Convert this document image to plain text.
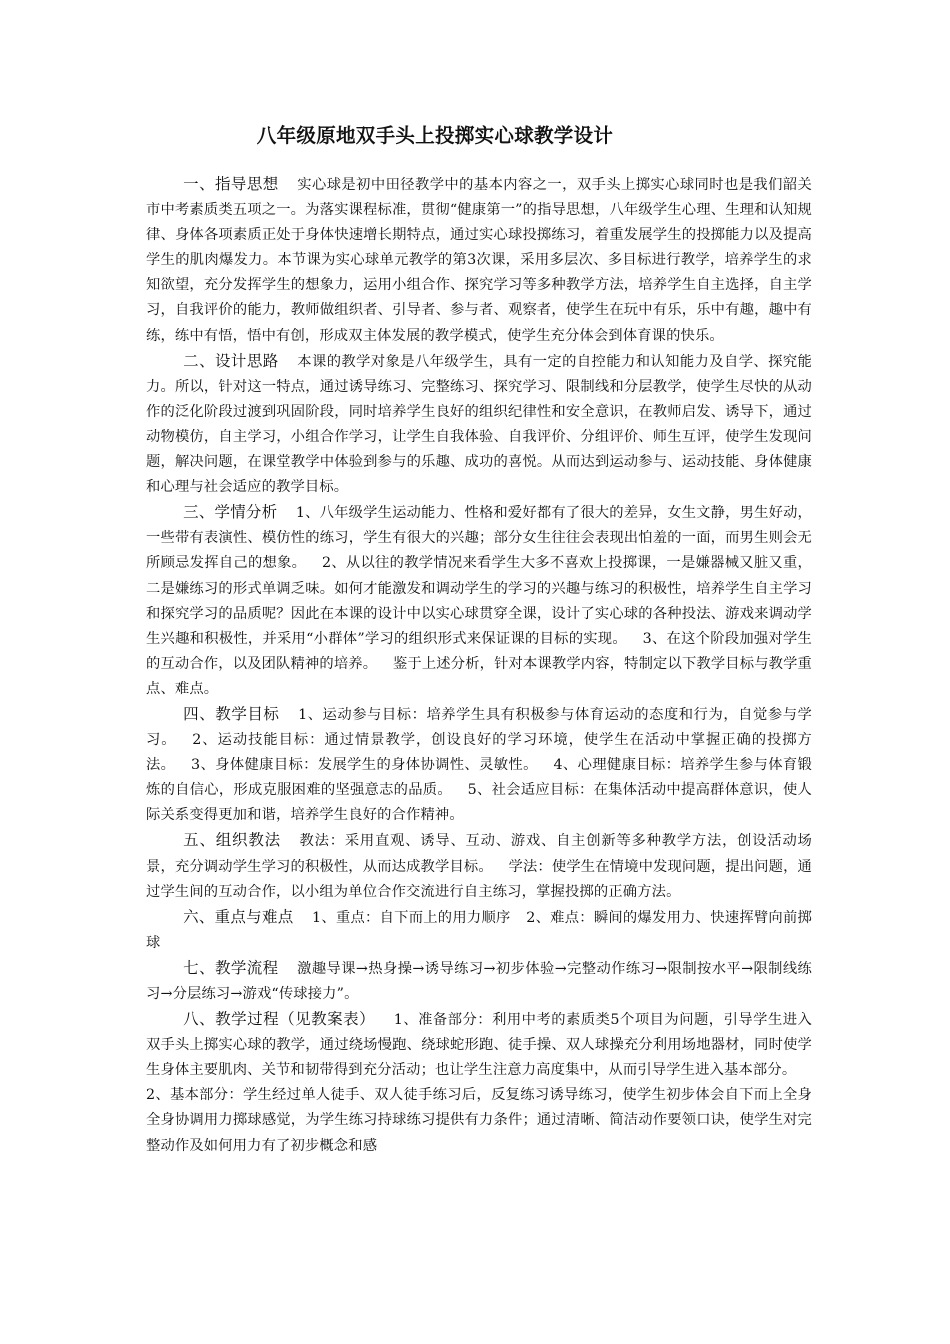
八年级原地双手头上投掷实心球教学设计

一、指导思想 实心球是初中田径教学中的基本内容之一，双手头上掷实心球同时也是我们韶关市中考素质类五项之一。为落实课程标准，贯彻“健康第一”的指导思想，八年级学生心理、生理和认知规律、身体各项素质正处于身体快速增长期特点，通过实心球投掷练习，着重发展学生的投掷能力以及提高学生的肌肉爆发力。本节课为实心球单元教学的第3次课，采用多层次、多目标进行教学，培养学生的求知欲望，充分发挥学生的想象力，运用小组合作、探究学习等多种教学方法，培养学生自主选择，自主学习，自我评价的能力，教师做组织者、引导者、参与者、观察者，使学生在玩中有乐，乐中有趣，趣中有练，练中有悟，悟中有创，形成双主体发展的教学模式，使学生充分体会到体育课的快乐。

二、设计思路 本课的教学对象是八年级学生，具有一定的自控能力和认知能力及自学、探究能力。所以，针对这一特点，通过诱导练习、完整练习、探究学习、限制线和分层教学，使学生尽快的从动作的泛化阶段过渡到巩固阶段，同时培养学生良好的组织纪律性和安全意识，在教师启发、诱导下，通过动物模仿，自主学习，小组合作学习，让学生自我体验、自我评价、分组评价、师生互评，使学生发现问题，解决问题，在课堂教学中体验到参与的乐趣、成功的喜悦。从而达到运动参与、运动技能、身体健康和心理与社会适应的教学目标。

三、学情分析 1、八年级学生运动能力、性格和爱好都有了很大的差异，女生文静，男生好动，一些带有表演性、模仿性的练习，学生有很大的兴趣；部分女生往往会表现出怕羞的一面，而男生则会无所顾忌发挥自己的想象。 2、从以往的教学情况来看学生大多不喜欢上投掷课，一是嫌器械又脏又重，二是嫌练习的形式单调乏味。如何才能激发和调动学生的学习的兴趣与练习的积极性，培养学生自主学习和探究学习的品质呢？因此在本课的设计中以实心球贯穿全课，设计了实心球的各种投法、游戏来调动学生兴趣和积极性，并采用“小群体”学习的组织形式来保证课的目标的实现。 3、在这个阶段加强对学生的互动合作，以及团队精神的培养。 鉴于上述分析，针对本课教学内容，特制定以下教学目标与教学重点、难点。

四、教学目标 1、运动参与目标：培养学生具有积极参与体育运动的态度和行为，自觉参与学习。 2、运动技能目标：通过情景教学，创设良好的学习环境，使学生在活动中掌握正确的投掷方法。 3、身体健康目标：发展学生的身体协调性、灵敏性。 4、心理健康目标：培养学生参与体育锻炼的自信心，形成克服困难的坚强意志的品质。 5、社会适应目标：在集体活动中提高群体意识，使人际关系变得更加和谐，培养学生良好的合作精神。

五、组织教法 教法：采用直观、诱导、互动、游戏、自主创新等多种教学方法，创设活动场景，充分调动学生学习的积极性，从而达成教学目标。 学法：使学生在情境中发现问题，提出问题，通过学生间的互动合作，以小组为单位合作交流进行自主练习，掌握投掷的正确方法。

六、重点与难点 1、重点：自下而上的用力顺序 2、难点：瞬间的爆发用力、快速挥臂向前掷球

七、教学流程 激趣导课→热身操→诱导练习→初步体验→完整动作练习→限制按水平→限制线练习→分层练习→游戏“传球接力”。

八、教学过程（见教案表） 1、准备部分：利用中考的素质类5个项目为问题，引导学生进入双手头上掷实心球的教学，通过绕场慢跑、绕球蛇形跑、徒手操、双人球操充分利用场地器材，同时使学生身体主要肌肉、关节和韧带得到充分活动；也让学生注意力高度集中，从而引导学生进入基本部分。2、基本部分：学生经过单人徒手、双人徒手练习后，反复练习诱导练习，使学生初步体会自下而上全身全身协调用力掷球感觉，为学生练习持球练习提供有力条件；通过清晰、简洁动作要领口诀，使学生对完整动作及如何用力有了初步概念和感
